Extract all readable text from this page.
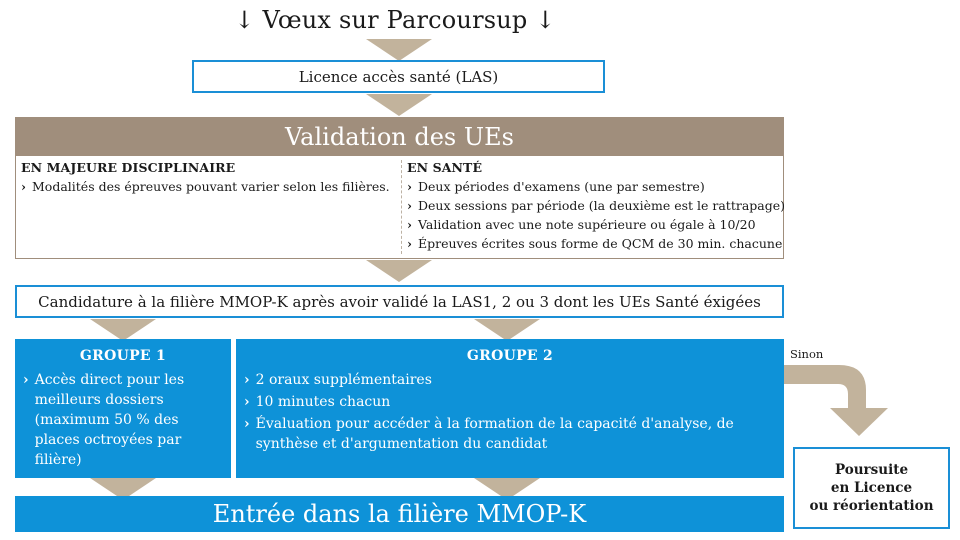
↓ Vœux sur Parcoursup ↓
Licence accès santé (LAS)
Validation des UEs
EN MAJEURE DISCIPLINAIRE
› Modalités des épreuves pouvant varier selon les filières.
EN SANTÉ
› Deux périodes d'examens (une par semestre)
› Deux sessions par période (la deuxième est le rattrapage)
› Validation avec une note supérieure ou égale à 10/20
› Épreuves écrites sous forme de QCM de 30 min. chacune
Candidature à la filière MMOP-K après avoir validé la LAS1, 2 ou 3 dont les UEs Santé éxigées
GROUPE 1
› Accès direct pour les meilleurs dossiers (maximum 50 % des places octroyées par filière)
GROUPE 2
› 2 oraux supplémentaires
› 10 minutes chacun
› Évaluation pour accéder à la formation de la capacité d'analyse, de synthèse et d'argumentation du candidat
Sinon
Poursuite
en Licence
ou réorientation
Entrée dans la filière MMOP-K
